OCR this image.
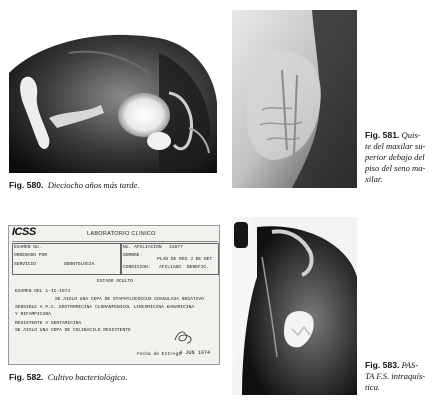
Fig. 580. Dieciocho años más tarde.
Fig. 581. Quis-
te del maxilar su-
perior debajo del
piso del seno ma-
xilar.
ICSS	LABORATORIO CLINICO
EXAMEN No.
ORDENADO POR
SERVICIO	ODONTOLOGIA
No. AFILIACION 31077
NOMBRE
PLAN DE ROS J DE DET
CONDICION: AFILIADO BENEFIC.
ESTADO OCULTO
EXAMEN DEL 1-II-1974
SE AISLO UNA CEPA DE STAPHYLOCOCCUS COAGULASA NEGATIVO
SENSIBLE A P.C. ERITROMICINA CLORANFENICOL LINCOMICINA KANAMICINA
Y RIFAMPICINA
RESISTENTE A GENTAMICINA
SE AISLO UNA CEPA DE COLIBACILO RESISTENTE
Fecha de Entrega
4 JUN 1974
Fig. 582. Cultivo bacteriológico.
Fig. 583. PAS-
TA F.S. intraquís-
tica.
